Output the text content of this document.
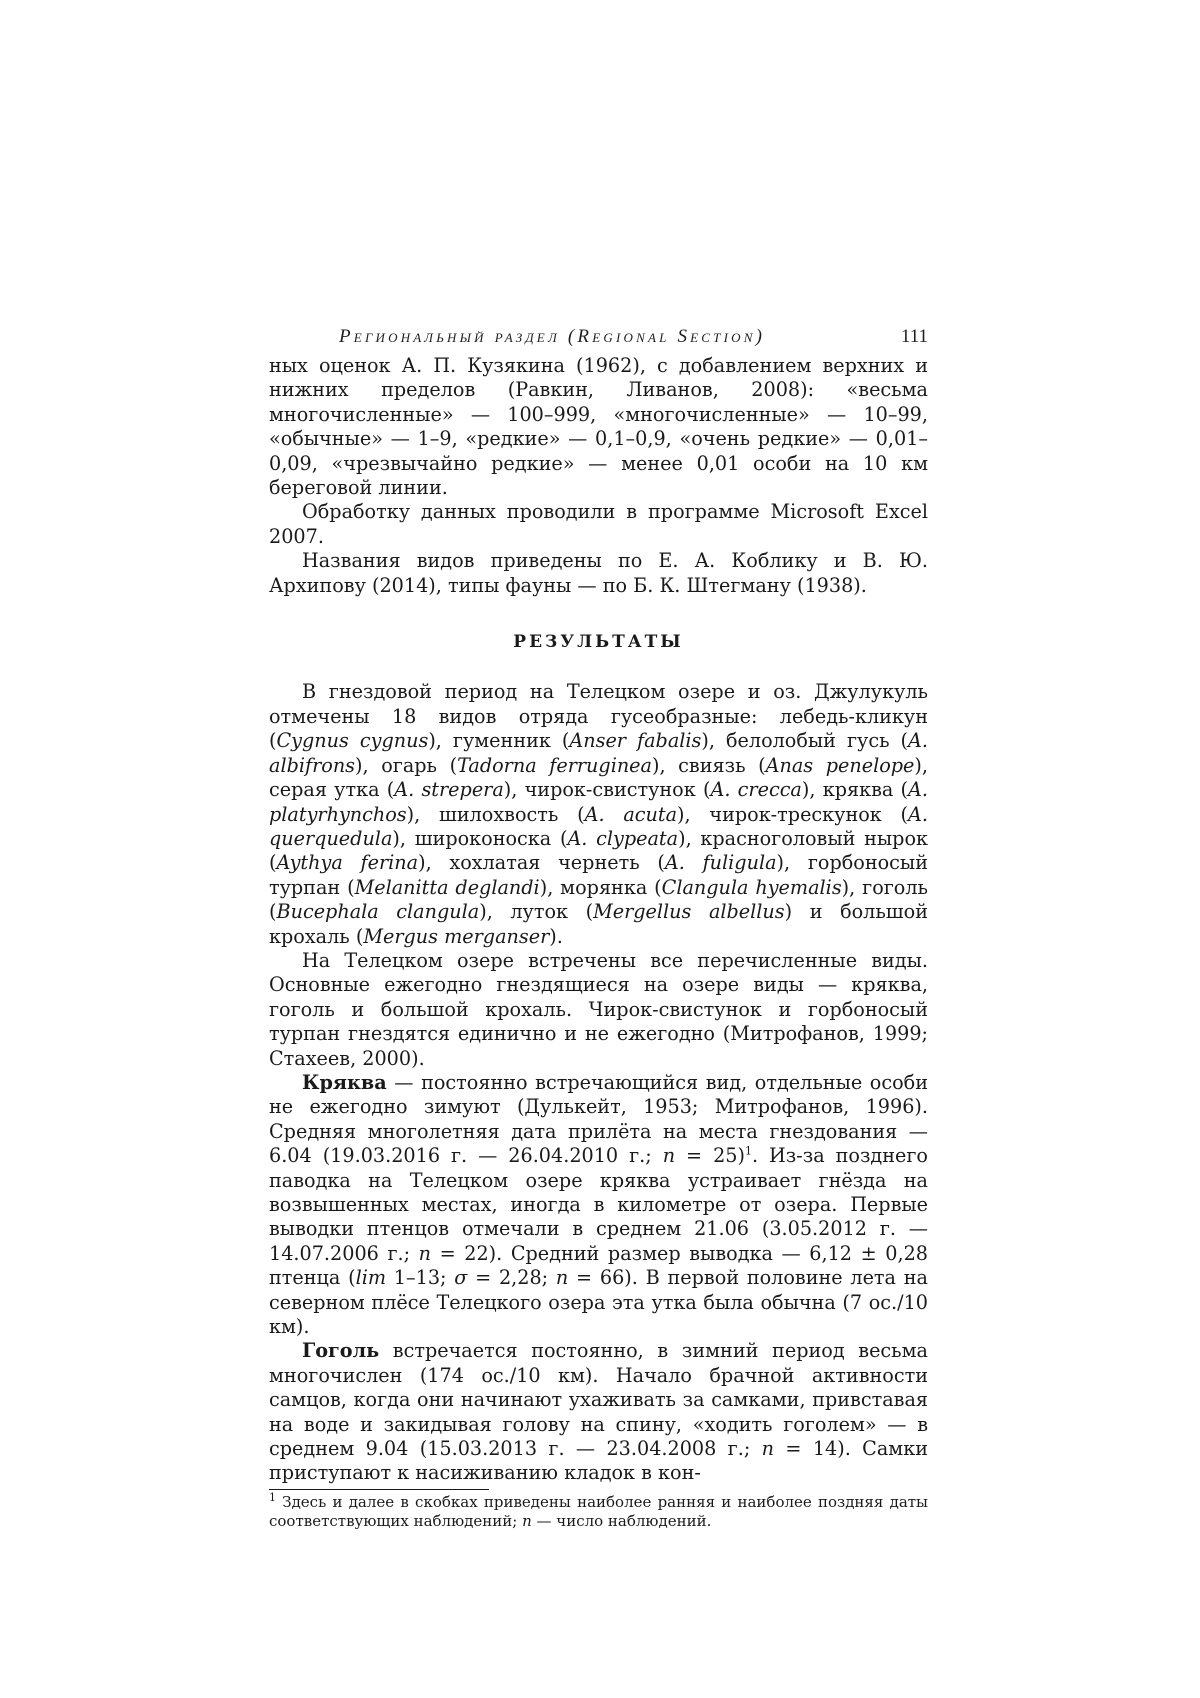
Региональный раздел (Regional Section)	111

ных оценок А. П. Кузякина (1962), с добавлением верхних и нижних пределов (Равкин, Ливанов, 2008): «весьма многочисленные» — 100–999, «многочисленные» — 10–99, «обычные» — 1–9, «редкие» — 0,1–0,9, «очень редкие» — 0,01–0,09, «чрезвычайно редкие» — менее 0,01 особи на 10 км береговой линии.

Обработку данных проводили в программе Microsoft Excel 2007.

Названия видов приведены по Е. А. Коблику и В. Ю. Архипову (2014), типы фауны — по Б. К. Штегману (1938).

РЕЗУЛЬТАТЫ

В гнездовой период на Телецком озере и оз. Джулукуль отмечены 18 видов отряда гусеобразные: лебедь-кликун (Cygnus cygnus), гуменник (Anser fabalis), белолобый гусь (A. albifrons), огарь (Tadorna ferruginea), свиязь (Anas penelope), серая утка (A. strepera), чирок-свистунок (A. crecca), кряква (A. platyrhynchos), шилохвость (A. acuta), чирок-трескунок (A. querquedula), широконоска (A. clypeata), красноголовый нырок (Aythya ferina), хохлатая чернеть (A. fuligula), горбоносый турпан (Melanitta deglandi), морянка (Clangula hyemalis), гоголь (Bucephala clangula), луток (Mergellus albellus) и большой крохаль (Mergus merganser).

На Телецком озере встречены все перечисленные виды. Основные ежегодно гнездящиеся на озере виды — кряква, гоголь и большой крохаль. Чирок-свистунок и горбоносый турпан гнездятся единично и не ежегодно (Митрофанов, 1999; Стахеев, 2000).

Кряква — постоянно встречающийся вид, отдельные особи не ежегодно зимуют (Дулькейт, 1953; Митрофанов, 1996). Средняя многолетняя дата прилёта на места гнездования — 6.04 (19.03.2016 г. — 26.04.2010 г.; n = 25)1. Из-за позднего паводка на Телецком озере кряква устраивает гнёзда на возвышенных местах, иногда в километре от озера. Первые выводки птенцов отмечали в среднем 21.06 (3.05.2012 г. — 14.07.2006 г.; n = 22). Средний размер выводка — 6,12 ± 0,28 птенца (lim 1–13; σ = 2,28; n = 66). В первой половине лета на северном плёсе Телецкого озера эта утка была обычна (7 ос./10 км).

Гоголь встречается постоянно, в зимний период весьма многочислен (174 ос./10 км). Начало брачной активности самцов, когда они начинают ухаживать за самками, привставая на воде и закидывая голову на спину, «ходить гоголем» — в среднем 9.04 (15.03.2013 г. — 23.04.2008 г.; n = 14). Самки приступают к насиживанию кладок в кон-

1 Здесь и далее в скобках приведены наиболее ранняя и наиболее поздняя даты соответствующих наблюдений; n — число наблюдений.
